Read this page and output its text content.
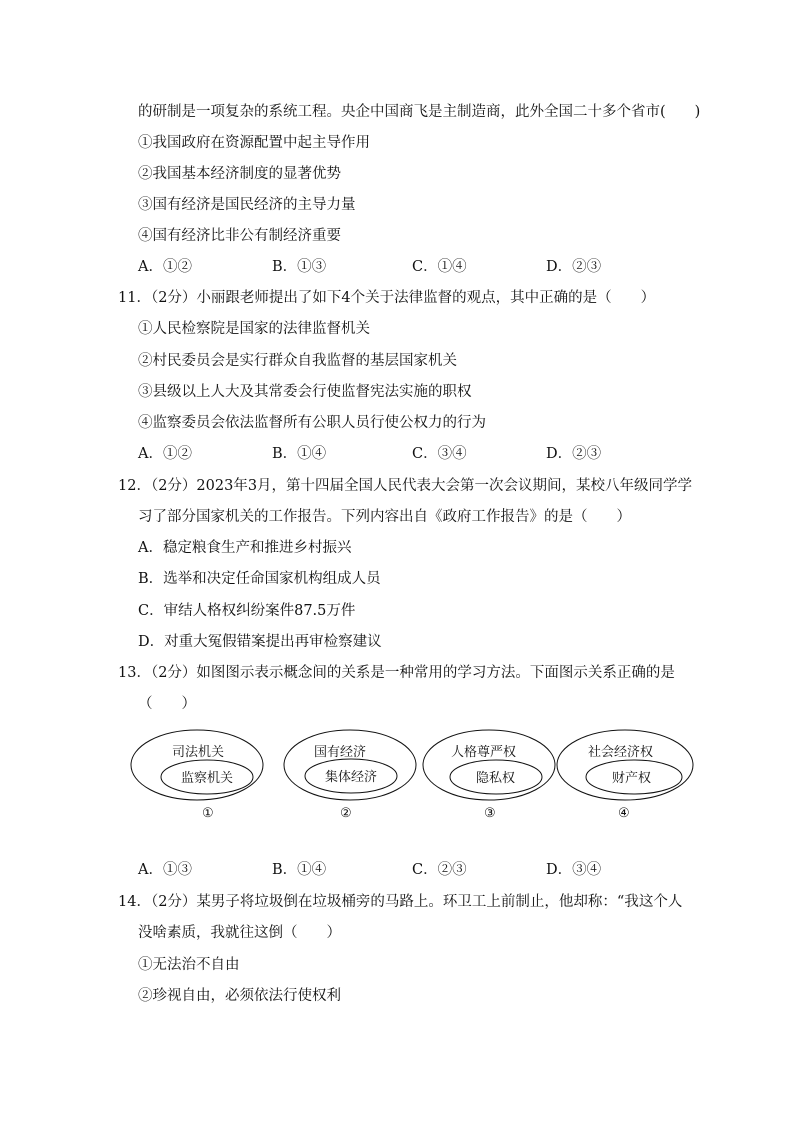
的研制是一项复杂的系统工程。央企中国商飞是主制造商，此外全国二十多个省市(　　)
①我国政府在资源配置中起主导作用
②我国基本经济制度的显著优势
③国有经济是国民经济的主导力量
④国有经济比非公有制经济重要
A．①②	B．①③	C．①④	D．②③
11．（2分）小丽跟老师提出了如下4个关于法律监督的观点，其中正确的是（　　）
①人民检察院是国家的法律监督机关
②村民委员会是实行群众自我监督的基层国家机关
③县级以上人大及其常委会行使监督宪法实施的职权
④监察委员会依法监督所有公职人员行使公权力的行为
A．①②	B．①④	C．③④	D．②③
12．（2分）2023年3月，第十四届全国人民代表大会第一次会议期间，某校八年级同学学
习了部分国家机关的工作报告。下列内容出自《政府工作报告》的是（　　）
A．稳定粮食生产和推进乡村振兴
B．选举和决定任命国家机构组成人员
C．审结人格权纠纷案件87.5万件
D．对重大冤假错案提出再审检察建议
13．（2分）如图图示表示概念间的关系是一种常用的学习方法。下面图示关系正确的是
（　　）
司法机关
监察机关
①
国有经济
集体经济
②
人格尊严权
隐私权
③
社会经济权
财产权
④
A．①③	B．①④	C．②③	D．③④
14．（2分）某男子将垃圾倒在垃圾桶旁的马路上。环卫工上前制止，他却称：“我这个人
没啥素质，我就往这倒（　　）
①无法治不自由
②珍视自由，必须依法行使权利
